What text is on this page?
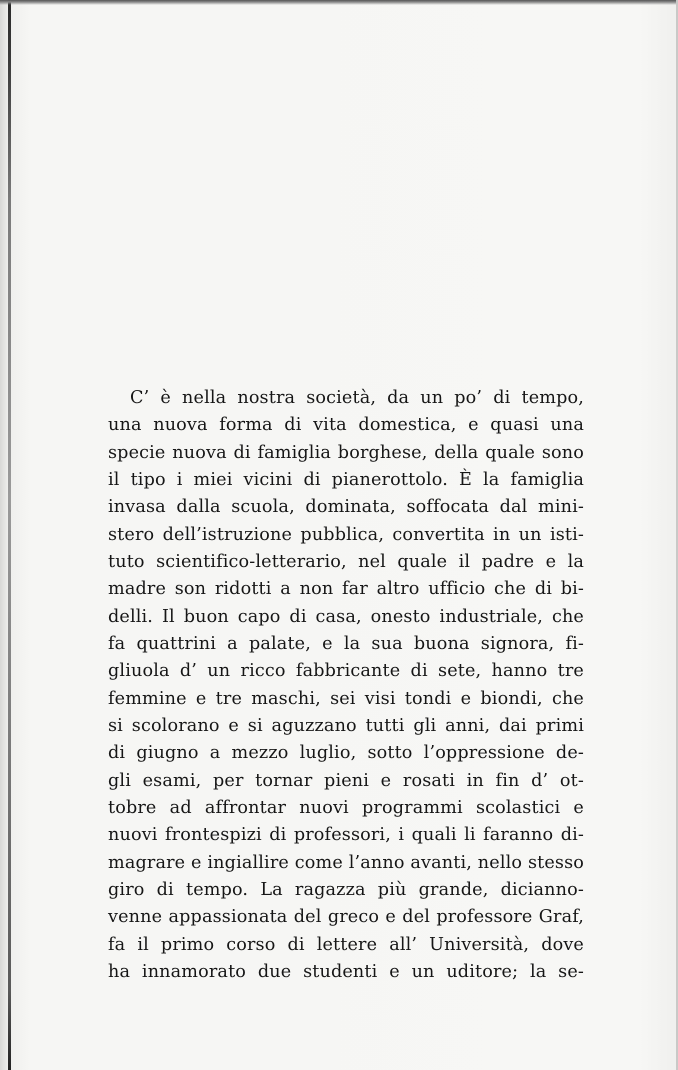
C’ è nella nostra società, da un po’ di tempo,
una nuova forma di vita domestica, e quasi una
specie nuova di famiglia borghese, della quale sono
il tipo i miei vicini di pianerottolo. È la famiglia
invasa dalla scuola, dominata, soffocata dal mini-
stero dell’istruzione pubblica, convertita in un isti-
tuto scientifico-letterario, nel quale il padre e la
madre son ridotti a non far altro ufficio che di bi-
delli. Il buon capo di casa, onesto industriale, che
fa quattrini a palate, e la sua buona signora, fi-
gliuola d’ un ricco fabbricante di sete, hanno tre
femmine e tre maschi, sei visi tondi e biondi, che
si scolorano e si aguzzano tutti gli anni, dai primi
di giugno a mezzo luglio, sotto l’oppressione de-
gli esami, per tornar pieni e rosati in fin d’ ot-
tobre ad affrontar nuovi programmi scolastici e
nuovi frontespizi di professori, i quali li faranno di-
magrare e ingiallire come l’anno avanti, nello stesso
giro di tempo. La ragazza più grande, dicianno-
venne appassionata del greco e del professore Graf,
fa il primo corso di lettere all’ Università, dove
ha innamorato due studenti e un uditore; la se-
